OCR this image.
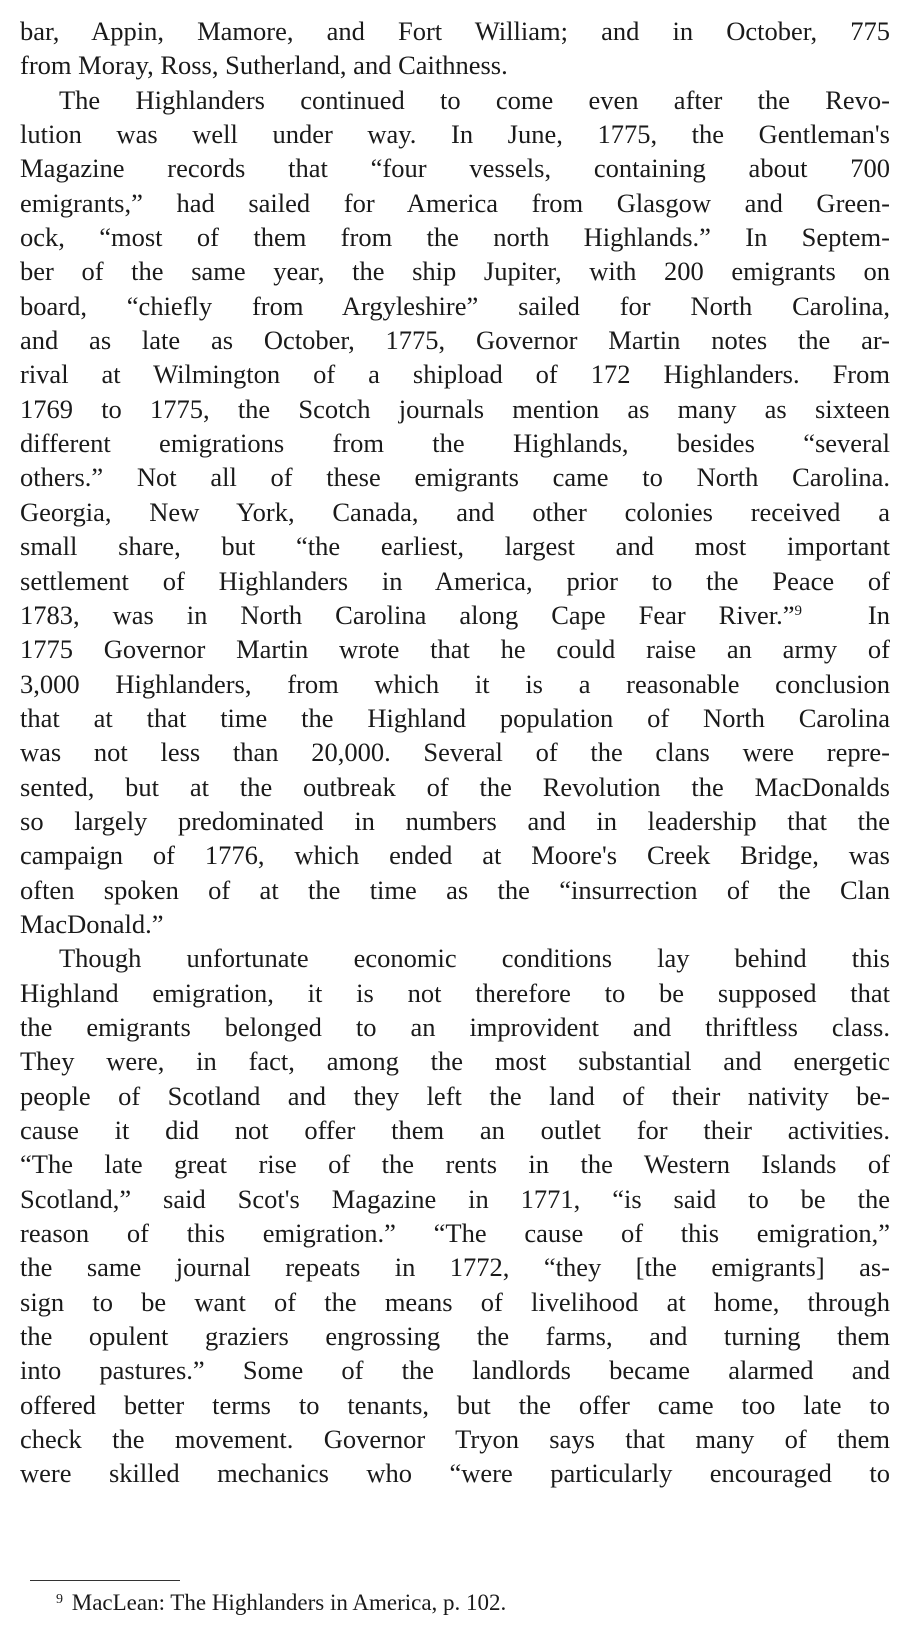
bar, Appin, Mamore, and Fort William; and in October, 775
from Moray, Ross, Sutherland, and Caithness.
The Highlanders continued to come even after the Revo-
lution was well under way. In June, 1775, the Gentleman's
Magazine records that “four vessels, containing about 700
emigrants,” had sailed for America from Glasgow and Green-
ock, “most of them from the north Highlands.” In Septem-
ber of the same year, the ship Jupiter, with 200 emigrants on
board, “chiefly from Argyleshire” sailed for North Carolina,
and as late as October, 1775, Governor Martin notes the ar-
rival at Wilmington of a shipload of 172 Highlanders. From
1769 to 1775, the Scotch journals mention as many as sixteen
different emigrations from the Highlands, besides “several
others.” Not all of these emigrants came to North Carolina.
Georgia, New York, Canada, and other colonies received a
small share, but “the earliest, largest and most important
settlement of Highlanders in America, prior to the Peace of
1783, was in North Carolina along Cape Fear River.”$^9$ In
1775 Governor Martin wrote that he could raise an army of
3,000 Highlanders, from which it is a reasonable conclusion
that at that time the Highland population of North Carolina
was not less than 20,000. Several of the clans were repre-
sented, but at the outbreak of the Revolution the MacDonalds
so largely predominated in numbers and in leadership that the
campaign of 1776, which ended at Moore's Creek Bridge, was
often spoken of at the time as the “insurrection of the Clan
MacDonald.”
Though unfortunate economic conditions lay behind this
Highland emigration, it is not therefore to be supposed that
the emigrants belonged to an improvident and thriftless class.
They were, in fact, among the most substantial and energetic
people of Scotland and they left the land of their nativity be-
cause it did not offer them an outlet for their activities.
“The late great rise of the rents in the Western Islands of
Scotland,” said Scot's Magazine in 1771, “is said to be the
reason of this emigration.” “The cause of this emigration,”
the same journal repeats in 1772, “they [the emigrants] as-
sign to be want of the means of livelihood at home, through
the opulent graziers engrossing the farms, and turning them
into pastures.” Some of the landlords became alarmed and
offered better terms to tenants, but the offer came too late to
check the movement. Governor Tryon says that many of them
were skilled mechanics who “were particularly encouraged to
$^9$ MacLean: The Highlanders in America, p. 102.
